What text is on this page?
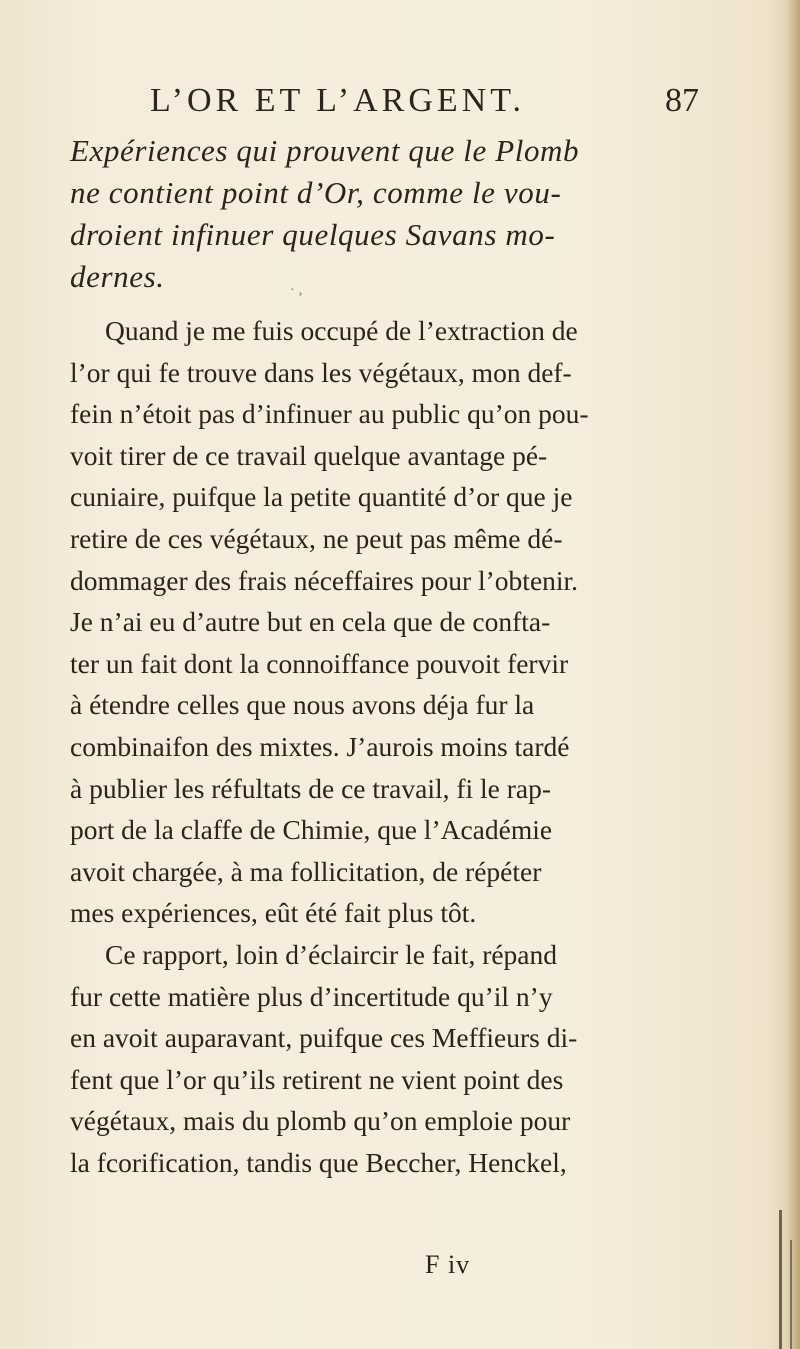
L’OR ET L’ARGENT.	87
Expériences qui prouvent que le Plomb
ne contient point d’Or, comme le vou-
droient infinuer quelques Savans mo-
dernes.	· ‚
Quand je me fuis occupé de l’extraction de
l’or qui fe trouve dans les végétaux, mon def-
fein n’étoit pas d’infinuer au public qu’on pou-
voit tirer de ce travail quelque avantage pé-
cuniaire, puifque la petite quantité d’or que je
retire de ces végétaux, ne peut pas même dé-
dommager des frais néceffaires pour l’obtenir.
Je n’ai eu d’autre but en cela que de confta-
ter un fait dont la connoiffance pouvoit fervir
à étendre celles que nous avons déja fur la
combinaifon des mixtes. J’aurois moins tardé
à publier les réfultats de ce travail, fi le rap-
port de la claffe de Chimie, que l’Académie
avoit chargée, à ma follicitation, de répéter
mes expériences, eût été fait plus tôt.
Ce rapport, loin d’éclaircir le fait, répand
fur cette matière plus d’incertitude qu’il n’y
en avoit auparavant, puifque ces Meffieurs di-
fent que l’or qu’ils retirent ne vient point des
végétaux, mais du plomb qu’on emploie pour
la fcorification, tandis que Beccher, Henckel,
F iv
